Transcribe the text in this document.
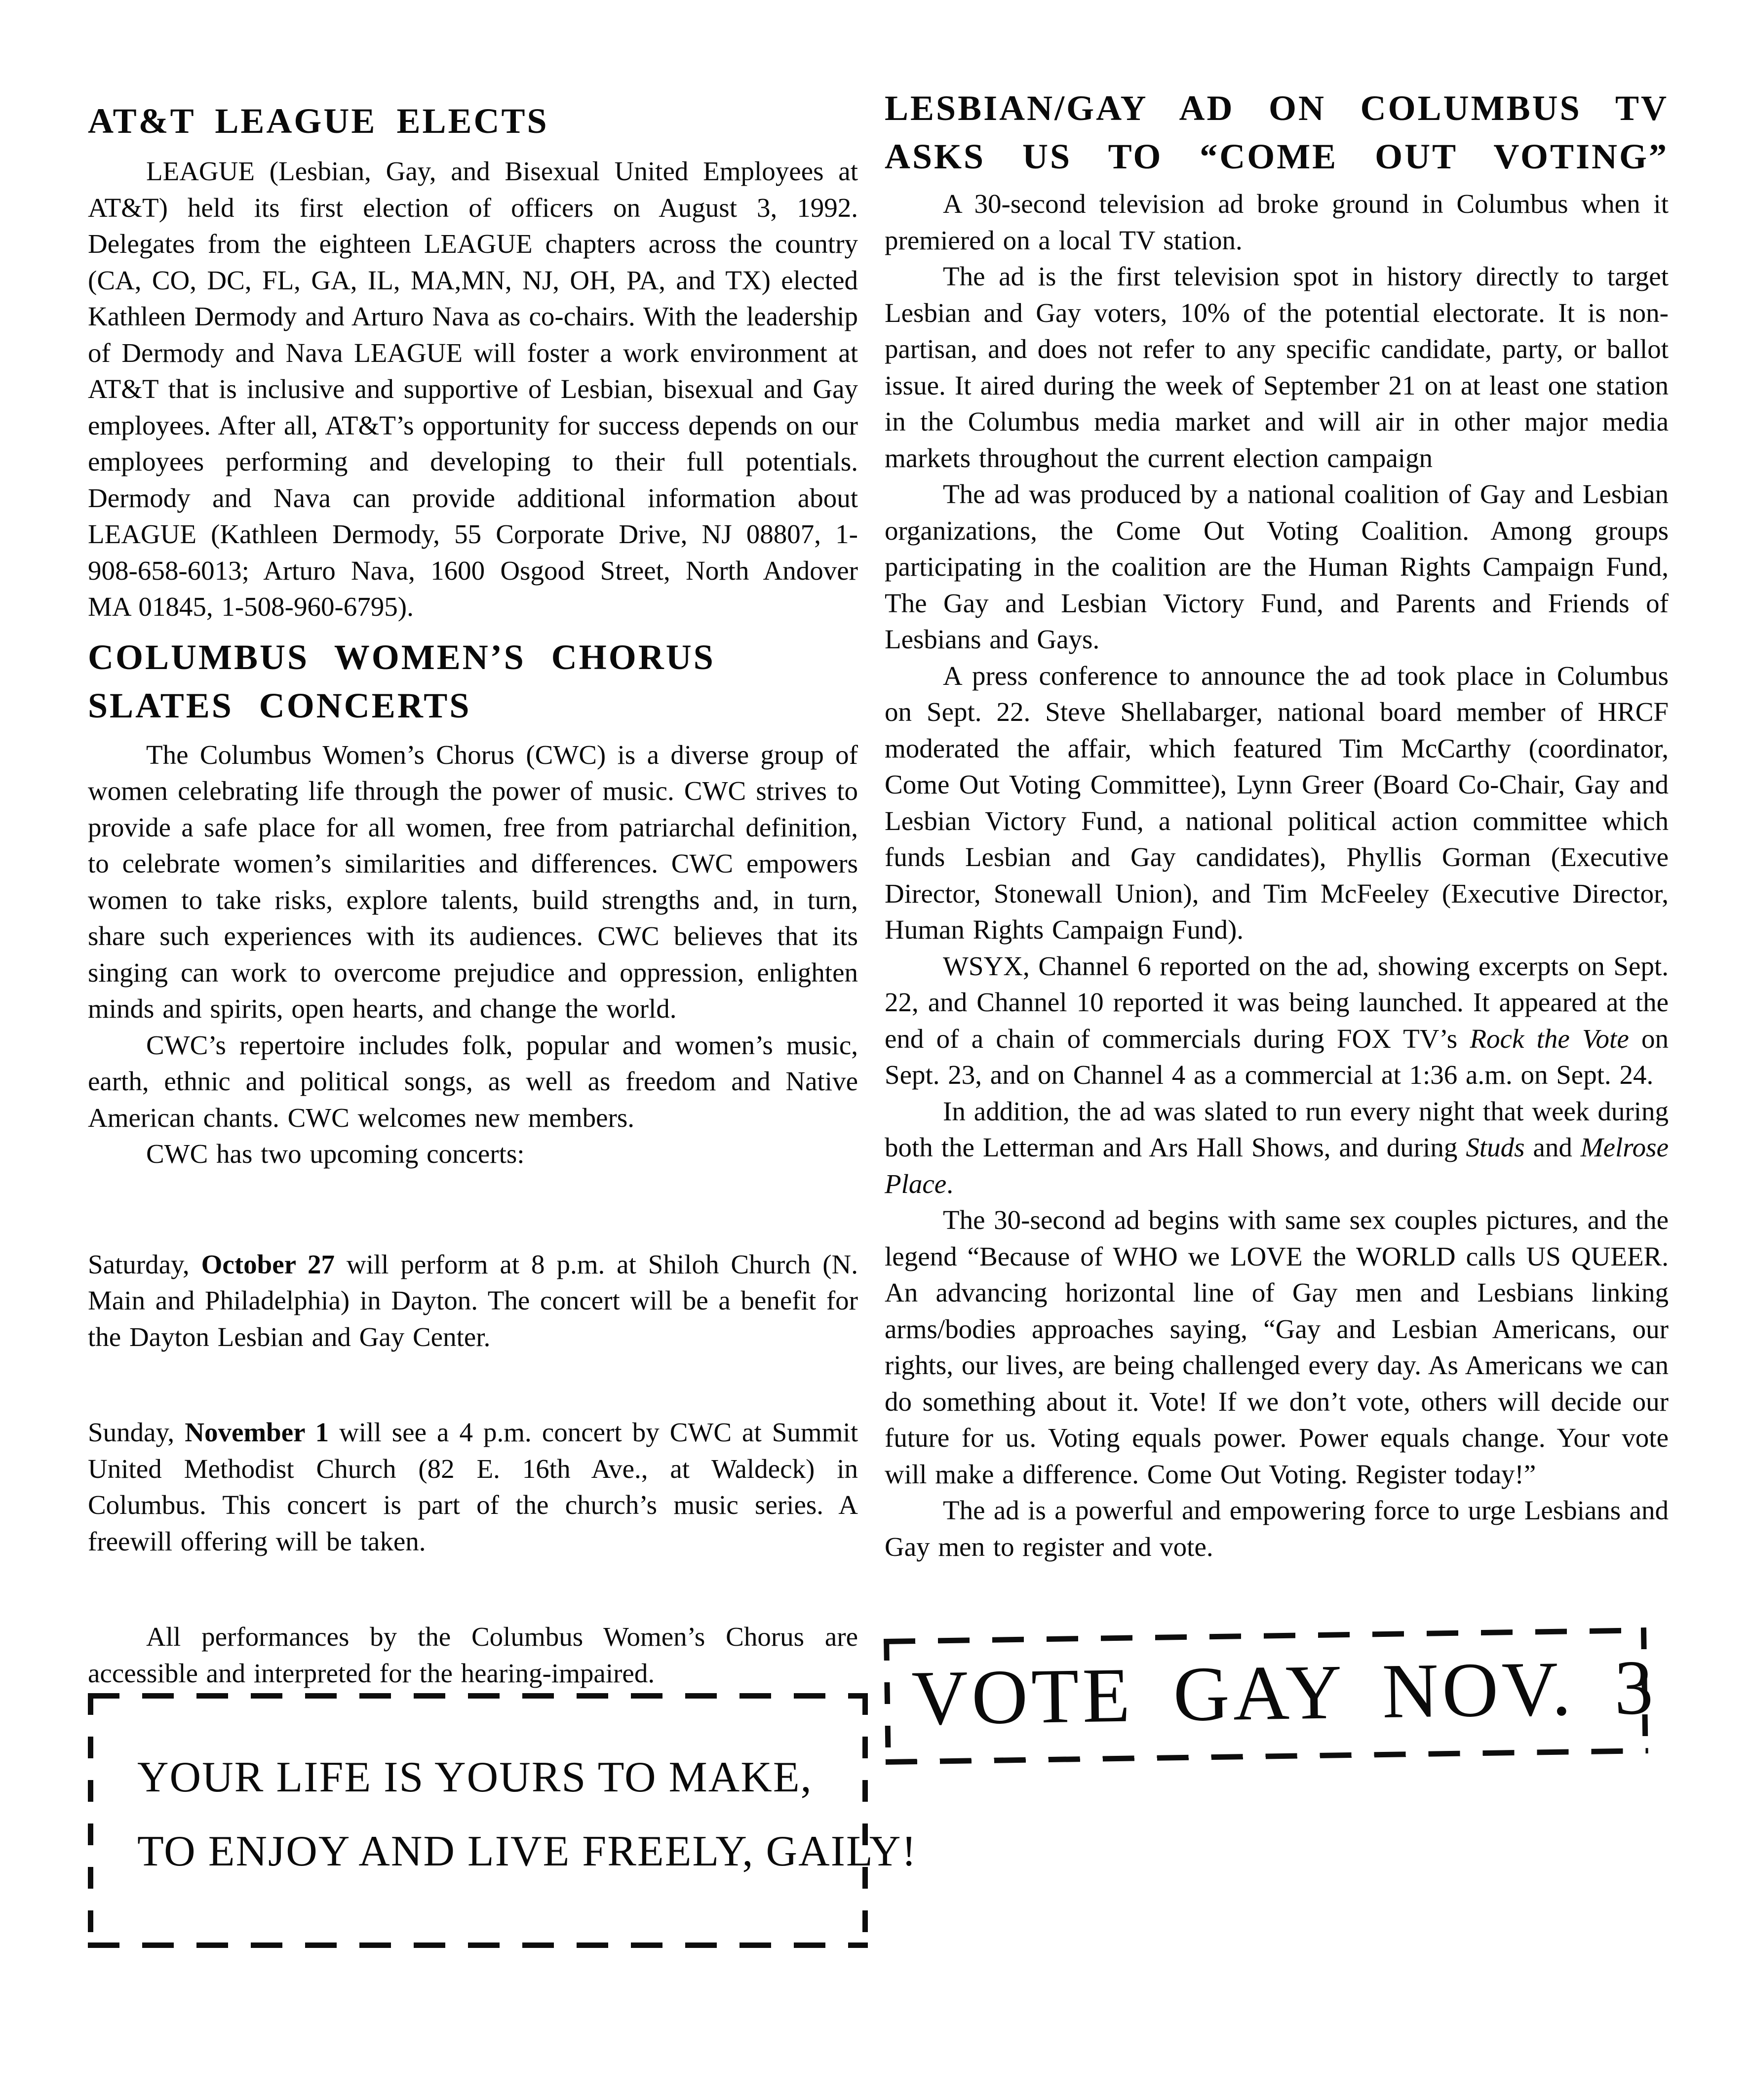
AT&T LEAGUE ELECTS

LEAGUE (Lesbian, Gay, and Bisexual United Employees at AT&T) held its first election of officers on August 3, 1992. Delegates from the eighteen LEAGUE chapters across the country (CA, CO, DC, FL, GA, IL, MA,MN, NJ, OH, PA, and TX) elected Kathleen Dermody and Arturo Nava as co-chairs. With the leadership of Dermody and Nava LEAGUE will foster a work environment at AT&T that is inclusive and supportive of Lesbian, bisexual and Gay employees. After all, AT&T’s opportunity for success depends on our employees performing and developing to their full potentials. Dermody and Nava can provide additional information about LEAGUE (Kathleen Dermody, 55 Corporate Drive, NJ 08807, 1-908-658-6013; Arturo Nava, 1600 Osgood Street, North Andover MA 01845, 1-508-960-6795).

COLUMBUS WOMEN’S CHORUS
SLATES CONCERTS

The Columbus Women’s Chorus (CWC) is a diverse group of women celebrating life through the power of music. CWC strives to provide a safe place for all women, free from patriarchal definition, to celebrate women’s similarities and differences. CWC empowers women to take risks, explore talents, build strengths and, in turn, share such experiences with its audiences. CWC believes that its singing can work to overcome prejudice and oppression, enlighten minds and spirits, open hearts, and change the world.

CWC’s repertoire includes folk, popular and women’s music, earth, ethnic and political songs, as well as freedom and Native American chants. CWC welcomes new members.

CWC has two upcoming concerts:

Saturday, October 27 will perform at 8 p.m. at Shiloh Church (N. Main and Philadelphia) in Dayton. The concert will be a benefit for the Dayton Lesbian and Gay Center.

Sunday, November 1 will see a 4 p.m. concert by CWC at Summit United Methodist Church (82 E. 16th Ave., at Waldeck) in Columbus. This concert is part of the church’s music series. A freewill offering will be taken.

All performances by the Columbus Women’s Chorus are accessible and interpreted for the hearing-impaired.

YOUR LIFE IS YOURS TO MAKE,
TO ENJOY AND LIVE FREELY, GAILY!
LESBIAN/GAY AD ON COLUMBUS TV
ASKS US TO “COME OUT VOTING”

A 30-second television ad broke ground in Columbus when it premiered on a local TV station.

The ad is the first television spot in history directly to target Lesbian and Gay voters, 10% of the potential electorate. It is non-partisan, and does not refer to any specific candidate, party, or ballot issue. It aired during the week of September 21 on at least one station in the Columbus media market and will air in other major media markets throughout the current election campaign

The ad was produced by a national coalition of Gay and Lesbian organizations, the Come Out Voting Coalition. Among groups participating in the coalition are the Human Rights Campaign Fund, The Gay and Lesbian Victory Fund, and Parents and Friends of Lesbians and Gays.

A press conference to announce the ad took place in Columbus on Sept. 22. Steve Shellabarger, national board member of HRCF moderated the affair, which featured Tim McCarthy (coordinator, Come Out Voting Committee), Lynn Greer (Board Co-Chair, Gay and Lesbian Victory Fund, a national political action committee which funds Lesbian and Gay candidates), Phyllis Gorman (Executive Director, Stonewall Union), and Tim McFeeley (Executive Director, Human Rights Campaign Fund).

WSYX, Channel 6 reported on the ad, showing excerpts on Sept. 22, and Channel 10 reported it was being launched. It appeared at the end of a chain of commercials during FOX TV’s Rock the Vote on Sept. 23, and on Channel 4 as a commercial at 1:36 a.m. on Sept. 24.

In addition, the ad was slated to run every night that week during both the Letterman and Ars Hall Shows, and during Studs and Melrose Place.

The 30-second ad begins with same sex couples pictures, and the legend “Because of WHO we LOVE the WORLD calls US QUEER. An advancing horizontal line of Gay men and Lesbians linking arms/bodies approaches saying, “Gay and Lesbian Americans, our rights, our lives, are being challenged every day. As Americans we can do something about it. Vote! If we don’t vote, others will decide our future for us. Voting equals power. Power equals change. Your vote will make a difference. Come Out Voting. Register today!”

The ad is a powerful and empowering force to urge Lesbians and Gay men to register and vote.

VOTE GAY NOV. 3
